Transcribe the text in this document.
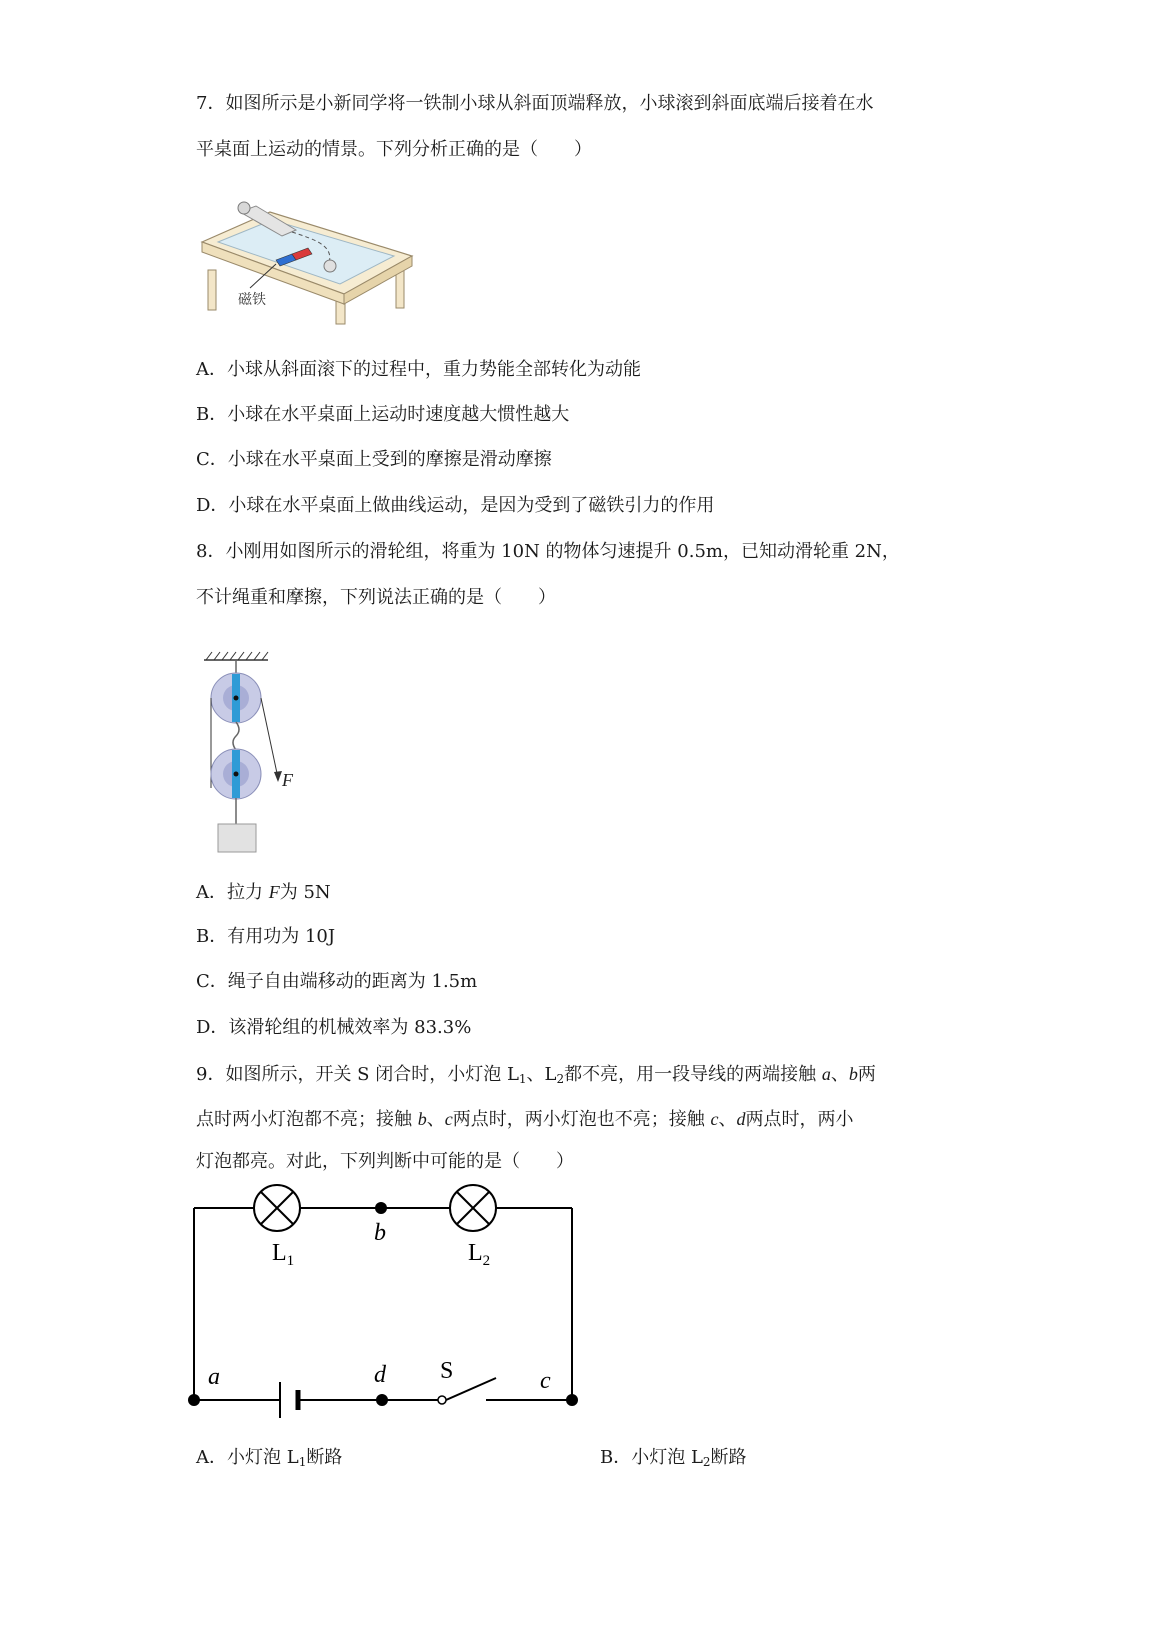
7．如图所示是小新同学将一铁制小球从斜面顶端释放，小球滚到斜面底端后接着在水
平桌面上运动的情景。下列分析正确的是（　　）
磁铁
A．小球从斜面滚下的过程中，重力势能全部转化为动能
B．小球在水平桌面上运动时速度越大惯性越大
C．小球在水平桌面上受到的摩擦是滑动摩擦
D．小球在水平桌面上做曲线运动，是因为受到了磁铁引力的作用
8．小刚用如图所示的滑轮组，将重为 10N 的物体匀速提升 0.5m，已知动滑轮重 2N，
不计绳重和摩擦，下列说法正确的是（　　）
F
A．拉力 F为 5N
B．有用功为 10J
C．绳子自由端移动的距离为 1.5m
D．该滑轮组的机械效率为 83.3%
9．如图所示，开关 S 闭合时，小灯泡 $L_1$、$L_2$都不亮，用一段导线的两端接触 a、b两
点时两小灯泡都不亮；接触 b、c两点时，两小灯泡也不亮；接触 c、d两点时，两小
灯泡都亮。对此，下列判断中可能的是（　　）
$L_1$	$L_2$
b
a	d S	c
A．小灯泡 $L_1$断路	B．小灯泡 $L_2$断路
